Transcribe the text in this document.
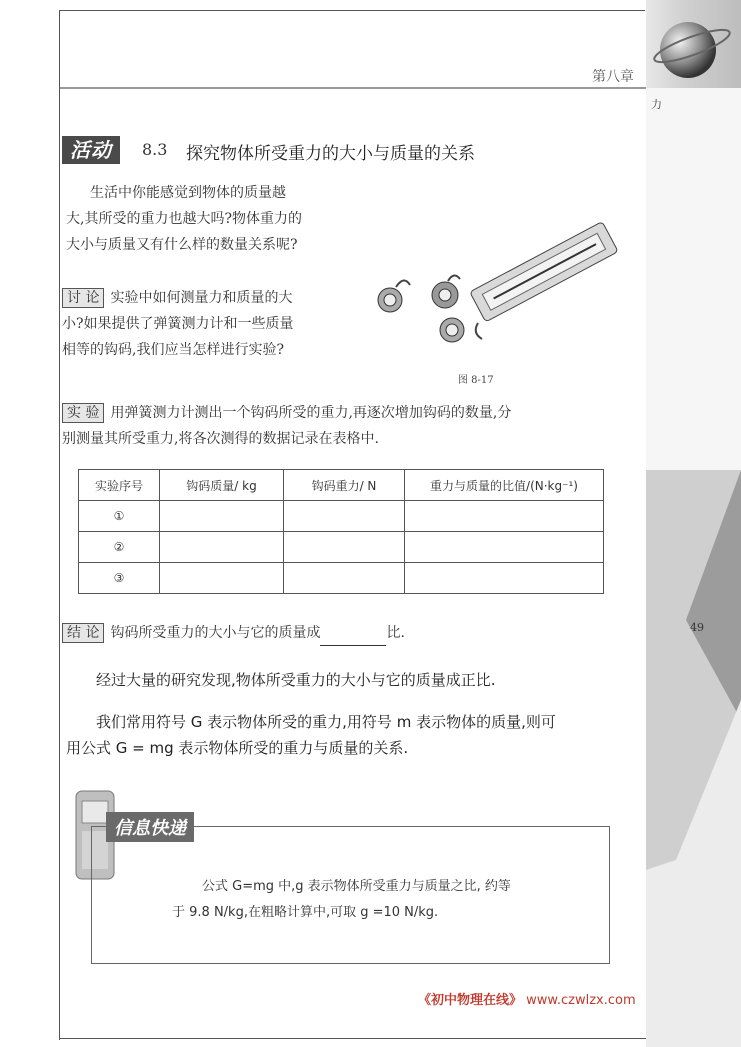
第八章
力
49
活动	8.3 探究物体所受重力的大小与质量的关系
生活中你能感觉到物体的质量越
大,其所受的重力也越大吗?物体重力的
大小与质量又有什么样的数量关系呢?
讨 论 实验中如何测量力和质量的大
小?如果提供了弹簧测力计和一些质量
相等的钩码,我们应当怎样进行实验?
图 8-17
实 验 用弹簧测力计测出一个钩码所受的重力,再逐次增加钩码的数量,分
别测量其所受重力,将各次测得的数据记录在表格中.
实验序号	钩码质量/ kg	钩码重力/ N	重力与质量的比值/(N·kg⁻¹)
①			
②			
③			
结 论 钩码所受重力的大小与它的质量成	比.
经过大量的研究发现,物体所受重力的大小与它的质量成正比.
我们常用符号 G 表示物体所受的重力,用符号 m 表示物体的质量,则可
用公式 G = mg 表示物体所受的重力与质量的关系.
信息快递
公式 G=mg 中,g 表示物体所受重力与质量之比, 约等
于 9.8 N/kg,在粗略计算中,可取 g =10 N/kg.
《初中物理在线》 www.czwlzx.com
